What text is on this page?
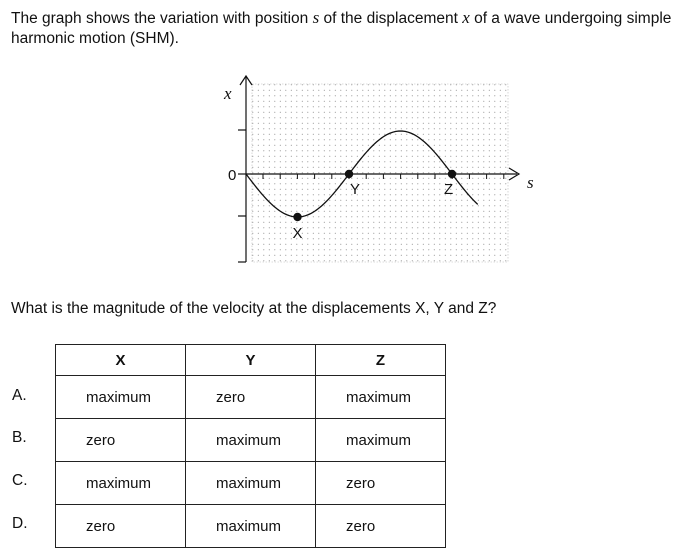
The graph shows the variation with position s of the displacement x of a wave undergoing simple harmonic motion (SHM).

x
s
0
X
Y	Z

What is the magnitude of the velocity at the displacements X, Y and Z?

A.
B.
C.
D.
X	Y	Z
maximum	zero	maximum
zero	maximum	maximum
maximum	maximum	zero
zero	maximum	zero
